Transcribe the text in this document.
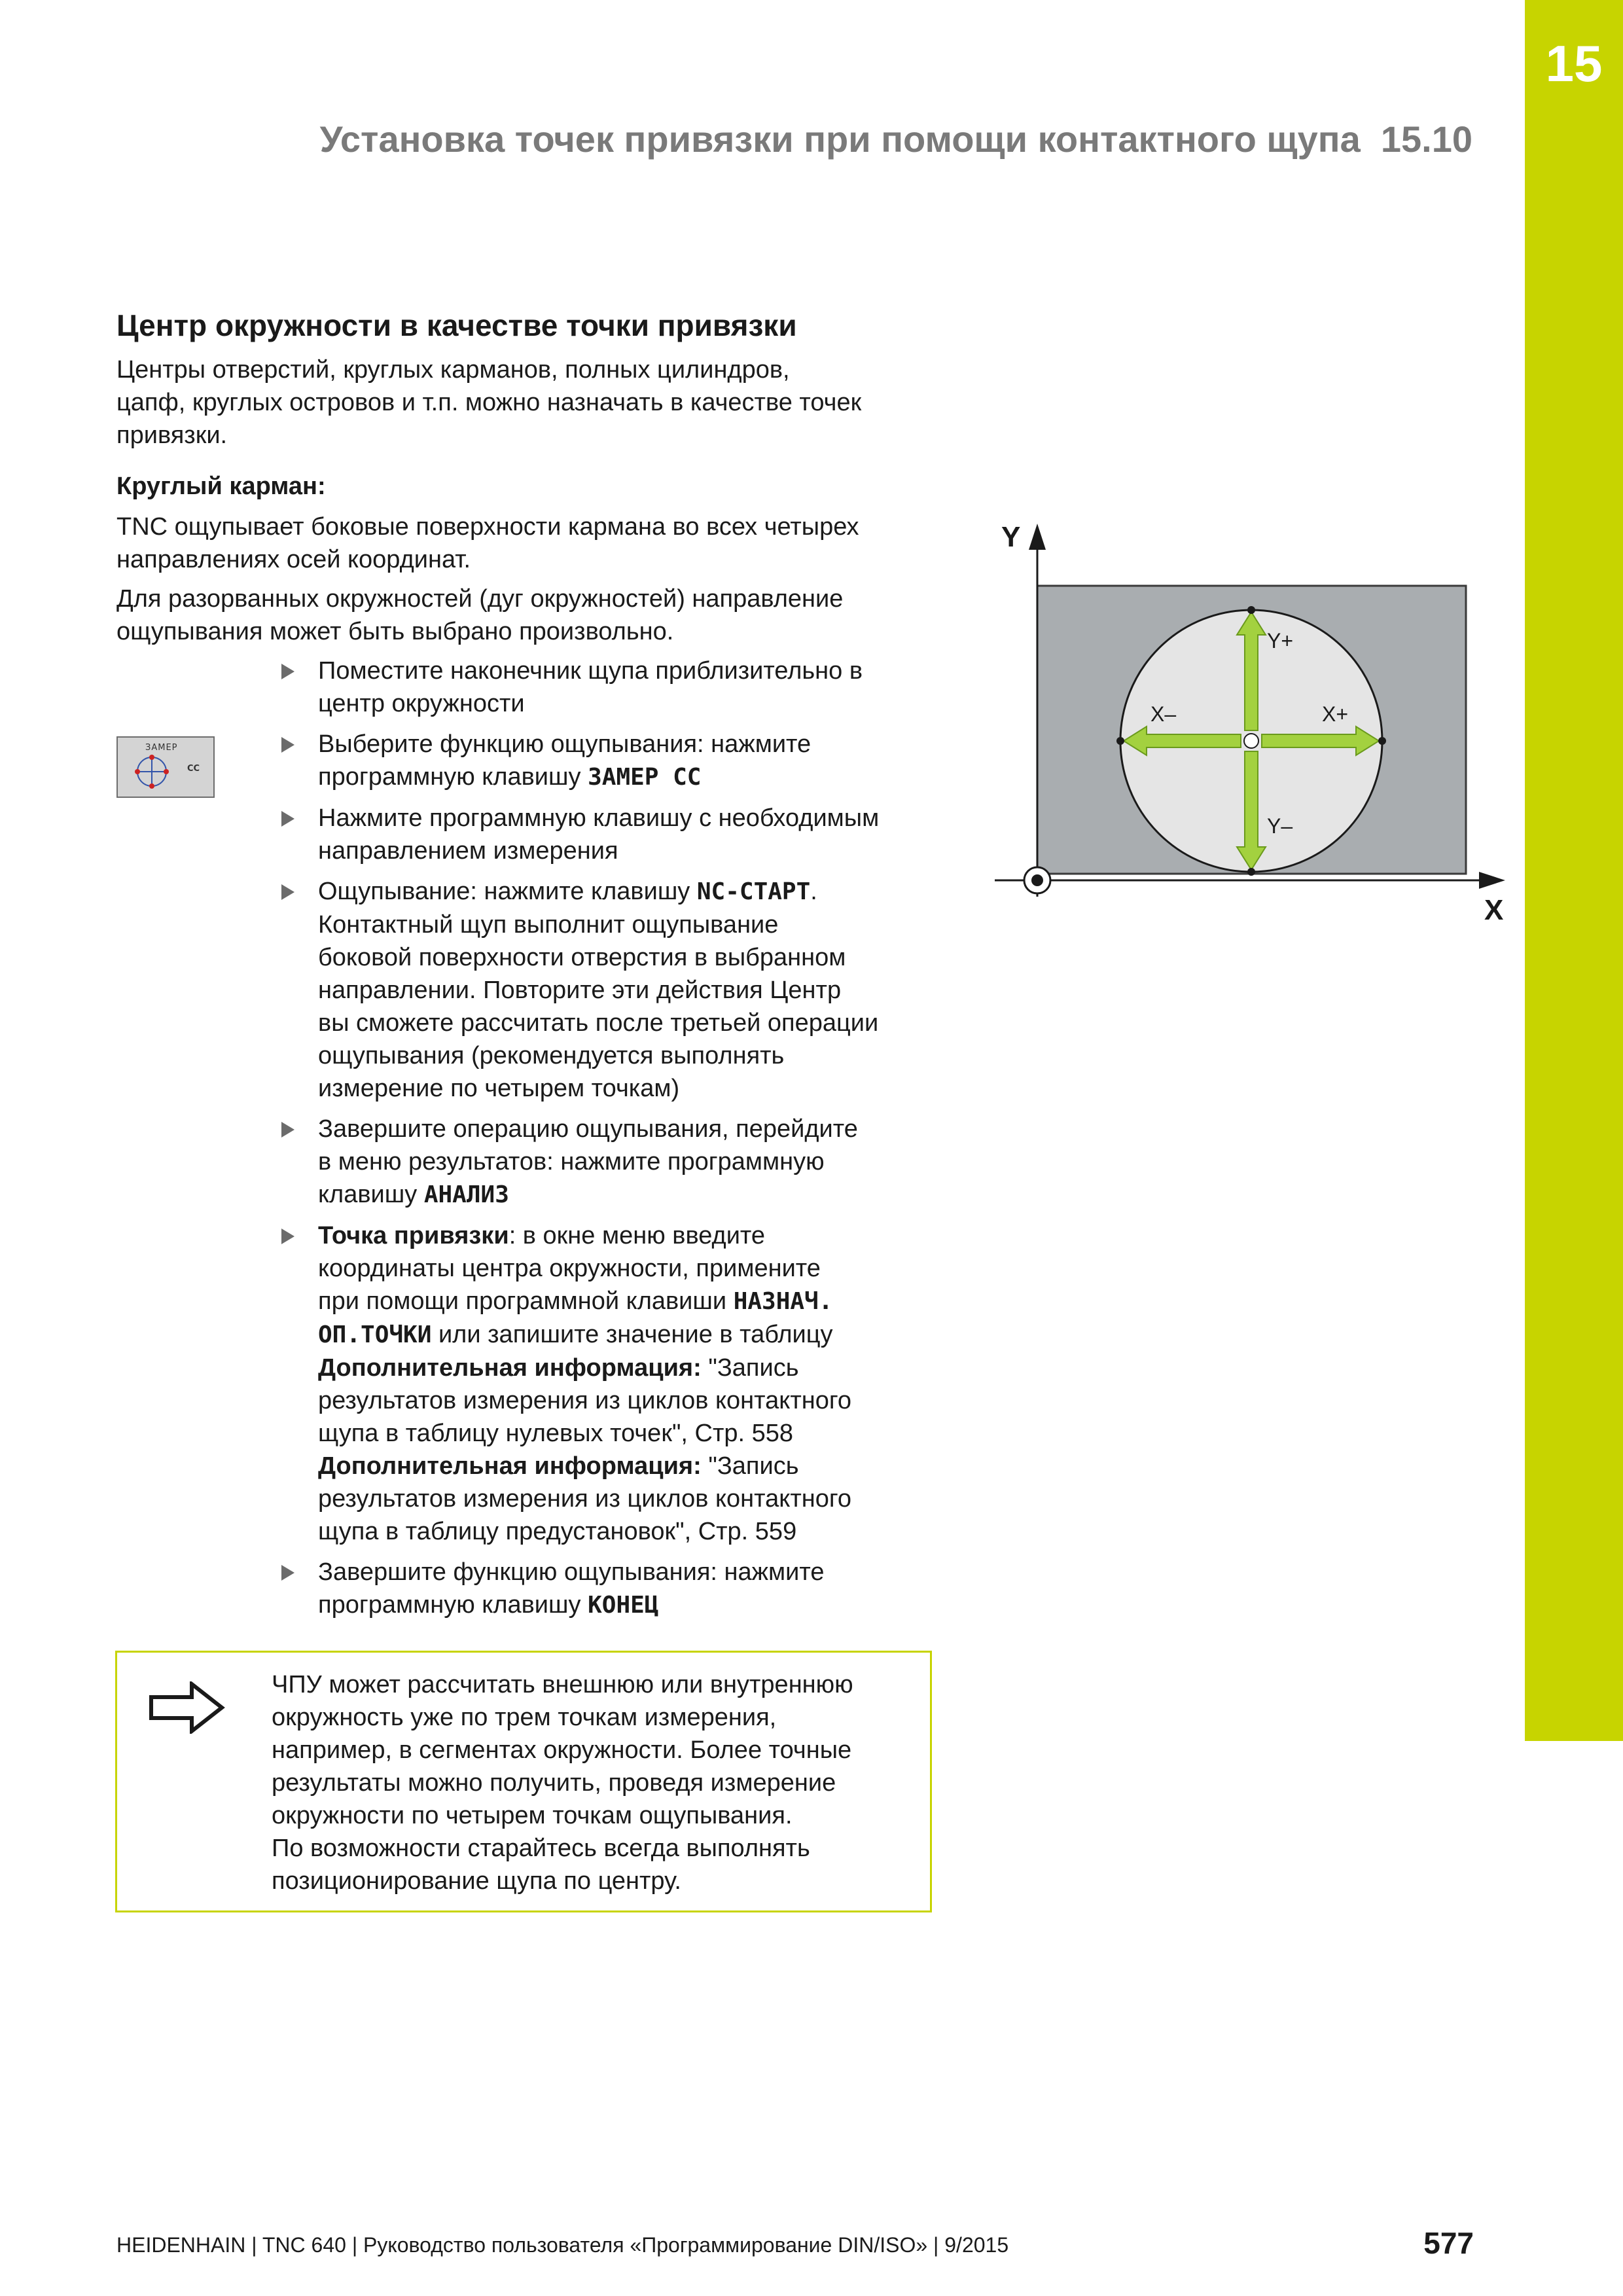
15
Установка точек привязки при помощи контактного щупа 15.10
Центр окружности в качестве точки привязки
Центры отверстий, круглых карманов, полных цилиндров,
цапф, круглых островов и т.п. можно назначать в качестве точек
привязки.
Круглый карман:
TNC ощупывает боковые поверхности кармана во всех четырех
направлениях осей координат.
Для разорванных окружностей (дуг окружностей) направление
ощупывания может быть выбрано произвольно.
ЗАМЕР
CC
Поместите наконечник щупа приблизительно в
центр окружности
Выберите функцию ощупывания: нажмите
программную клавишу ЗАМЕР CC
Нажмите программную клавишу с необходимым
направлением измерения
Ощупывание: нажмите клавишу NC-СТАРТ.
Контактный щуп выполнит ощупывание
боковой поверхности отверстия в выбранном
направлении. Повторите эти действия Центр
вы сможете рассчитать после третьей операции
ощупывания (рекомендуется выполнять
измерение по четырем точкам)
Завершите операцию ощупывания, перейдите
в меню результатов: нажмите программную
клавишу АНАЛИЗ
Точка привязки: в окне меню введите
координаты центра окружности, примените
при помощи программной клавиши НАЗНАЧ.
ОП.ТОЧКИ или запишите значение в таблицу
Дополнительная информация: "Запись
результатов измерения из циклов контактного
щупа в таблицу нулевых точек", Стр. 558
Дополнительная информация: "Запись
результатов измерения из циклов контактного
щупа в таблицу предустановок", Стр. 559
Завершите функцию ощупывания: нажмите
программную клавишу КОНЕЦ
Y
X
Y+
Y–
X+
X–
ЧПУ может рассчитать внешнюю или внутреннюю
окружность уже по трем точкам измерения,
например, в сегментах окружности. Более точные
результаты можно получить, проведя измерение
окружности по четырем точкам ощупывания.
По возможности старайтесь всегда выполнять
позиционирование щупа по центру.
HEIDENHAIN | TNC 640 | Руководство пользователя «Программирование DIN/ISO» | 9/2015	577
